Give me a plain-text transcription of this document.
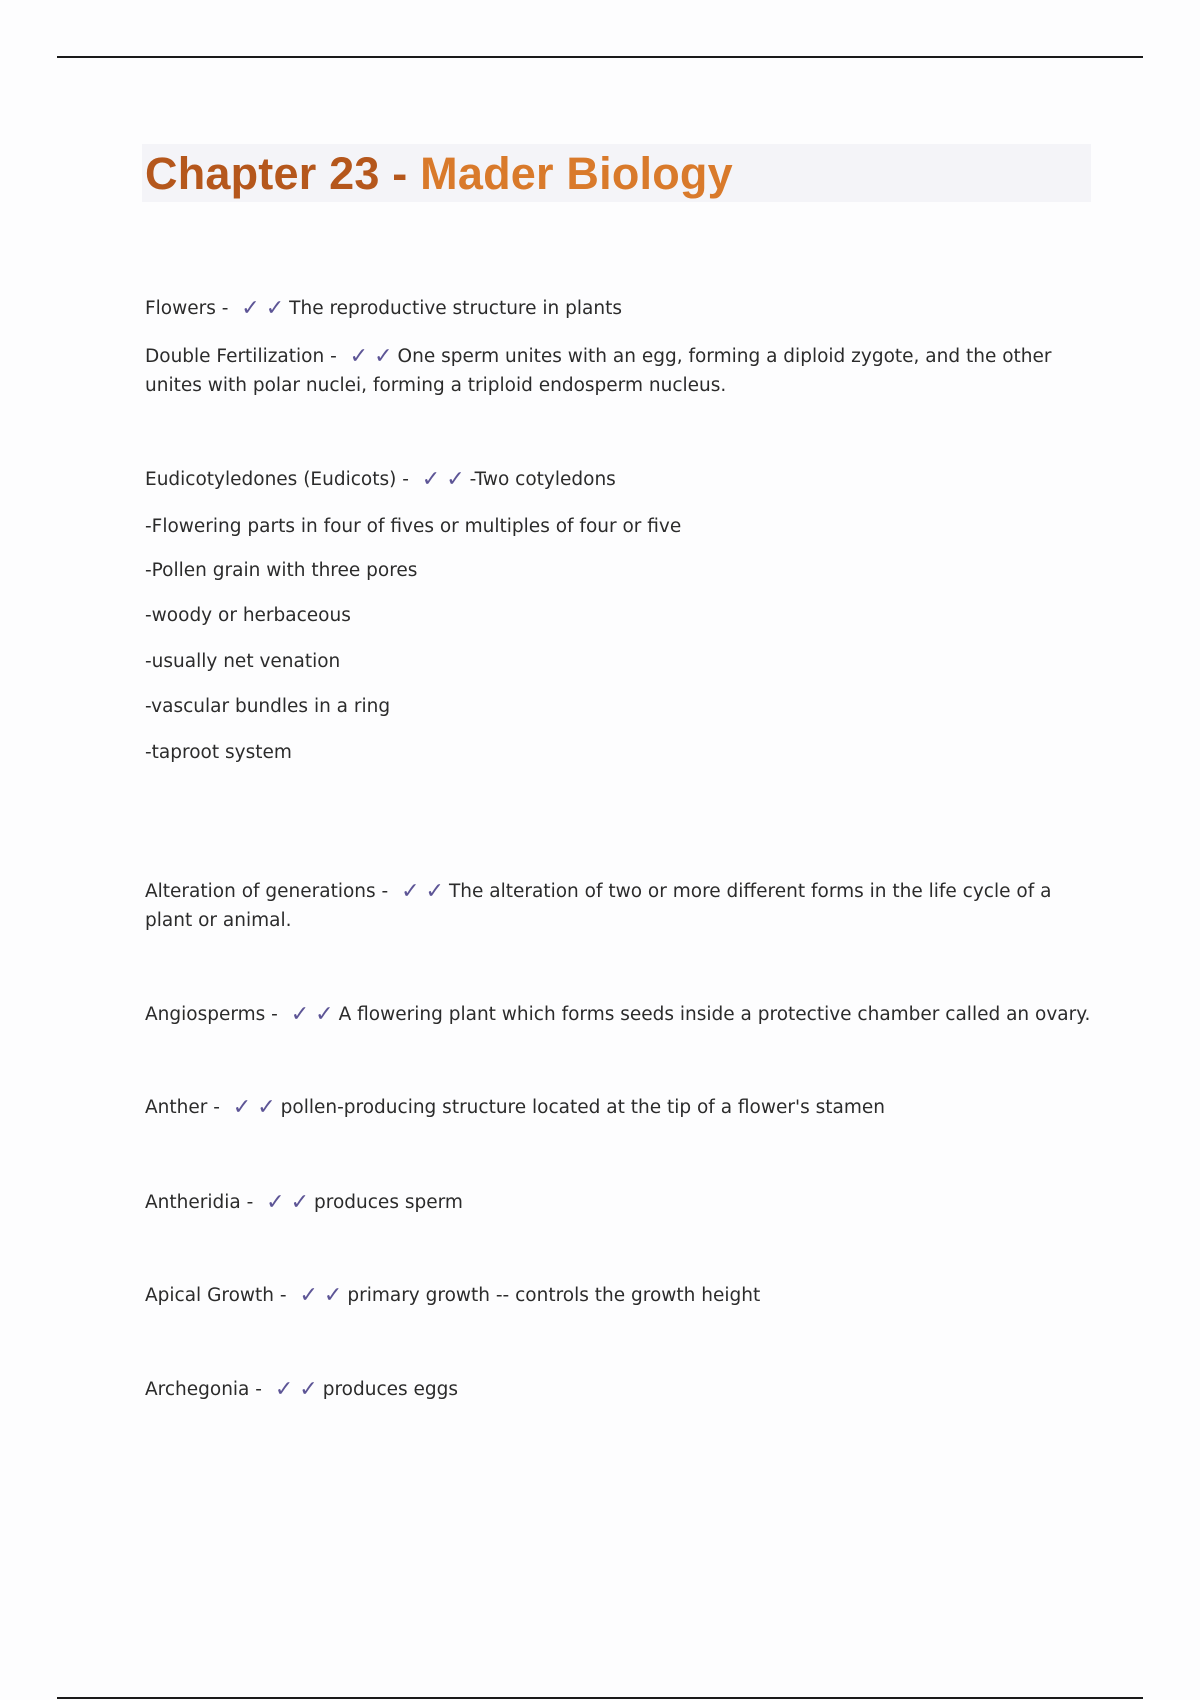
Chapter 23 - Mader Biology

Flowers - ✓ ✓ The reproductive structure in plants

Double Fertilization - ✓ ✓ One sperm unites with an egg, forming a diploid zygote, and the other unites with polar nuclei, forming a triploid endosperm nucleus.

Eudicotyledones (Eudicots) - ✓ ✓ -Two cotyledons

-Flowering parts in four of fives or multiples of four or five

-Pollen grain with three pores

-woody or herbaceous

-usually net venation

-vascular bundles in a ring

-taproot system

Alteration of generations - ✓ ✓ The alteration of two or more different forms in the life cycle of a plant or animal.

Angiosperms - ✓ ✓ A flowering plant which forms seeds inside a protective chamber called an ovary.

Anther - ✓ ✓ pollen-producing structure located at the tip of a flower's stamen

Antheridia - ✓ ✓ produces sperm

Apical Growth - ✓ ✓ primary growth -- controls the growth height

Archegonia - ✓ ✓ produces eggs
